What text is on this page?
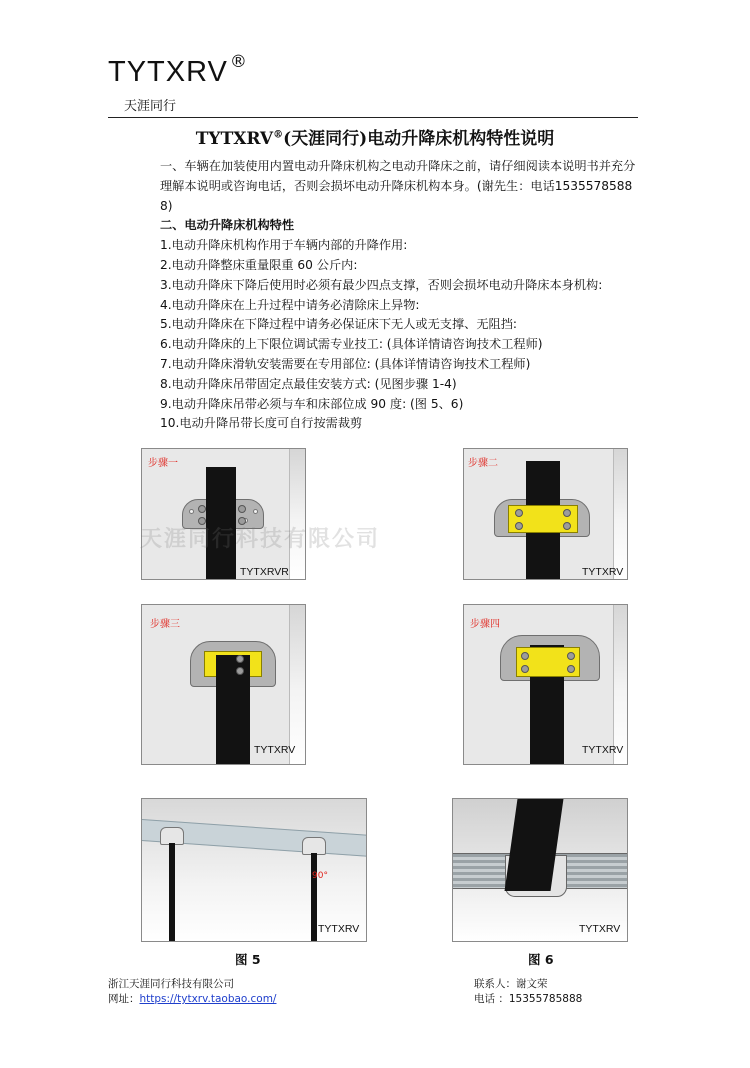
TYTXRV ®
天涯同行
TYTXRV®(天涯同行)电动升降床机构特性说明

一、车辆在加装使用内置电动升降床机构之电动升降床之前，请仔细阅读本说明书并充分理解本说明或咨询电话，否则会损坏电动升降床机构本身。(谢先生：电话15355785888)

二、电动升降床机构特性

1.电动升降床机构作用于车辆内部的升降作用:
2.电动升降整床重量限重 60 公斤内:
3.电动升降床下降后使用时必须有最少四点支撑，否则会损坏电动升降床本身机构:
4.电动升降床在上升过程中请务必清除床上异物:
5.电动升降床在下降过程中请务必保证床下无人或无支撑、无阻挡:
6.电动升降床的上下限位调试需专业技工: (具体详情请咨询技术工程师)
7.电动升降床滑轨安装需要在专用部位: (具体详情请咨询技术工程师)
8.电动升降床吊带固定点最佳安装方式: (见图步骤 1-4)
9.电动升降床吊带必须与车和床部位成 90 度: (图 5、6)
10.电动升降吊带长度可自行按需裁剪
步骤一
TYTXRVR
步骤二
TYTXRV
天涯同行科技有限公司
步骤三
TYTXRV
步骤四
TYTXRV
90°
TYTXRV	TYTXRV
图 5	图 6
浙江天涯同行科技有限公司
网址：https://tytxrv.taobao.com/
联系人：谢文荣
电话 ：15355785888
